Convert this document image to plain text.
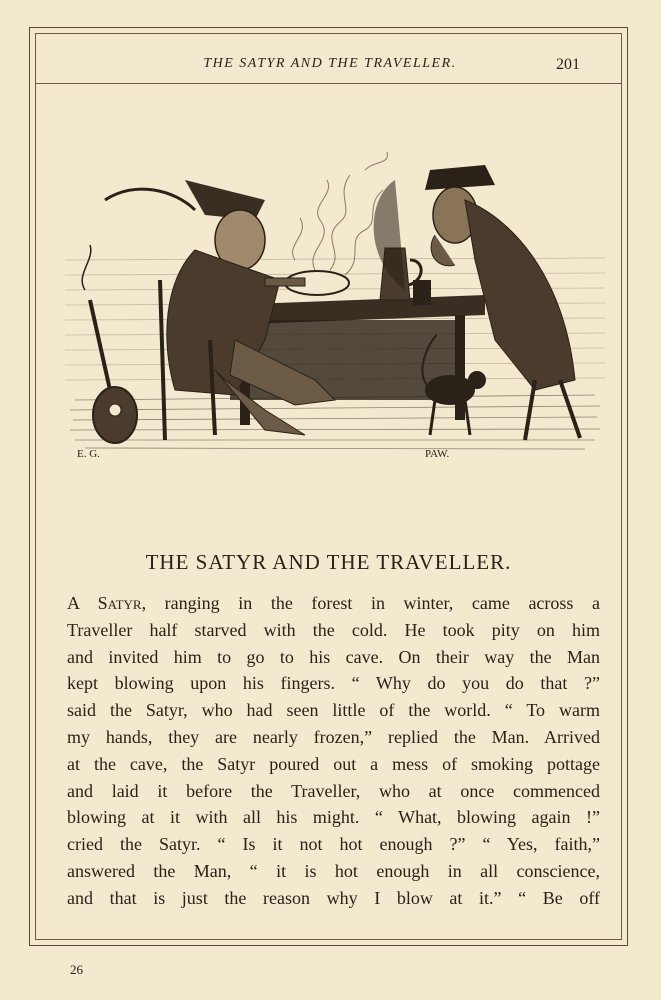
THE SATYR AND THE TRAVELLER.	201
E. G.	PAW.
THE SATYR AND THE TRAVELLER.
A Satyr, ranging in the forest in winter, came across a
Traveller half starved with the cold. He took pity on him
and invited him to go to his cave. On their way the Man
kept blowing upon his fingers. “ Why do you do that ?”
said the Satyr, who had seen little of the world. “ To warm
my hands, they are nearly frozen,” replied the Man. Arrived
at the cave, the Satyr poured out a mess of smoking pottage
and laid it before the Traveller, who at once commenced
blowing at it with all his might. “ What, blowing again !”
cried the Satyr. “ Is it not hot enough ?” “ Yes, faith,”
answered the Man, “ it is hot enough in all conscience,
and that is just the reason why I blow at it.” “ Be off
26
